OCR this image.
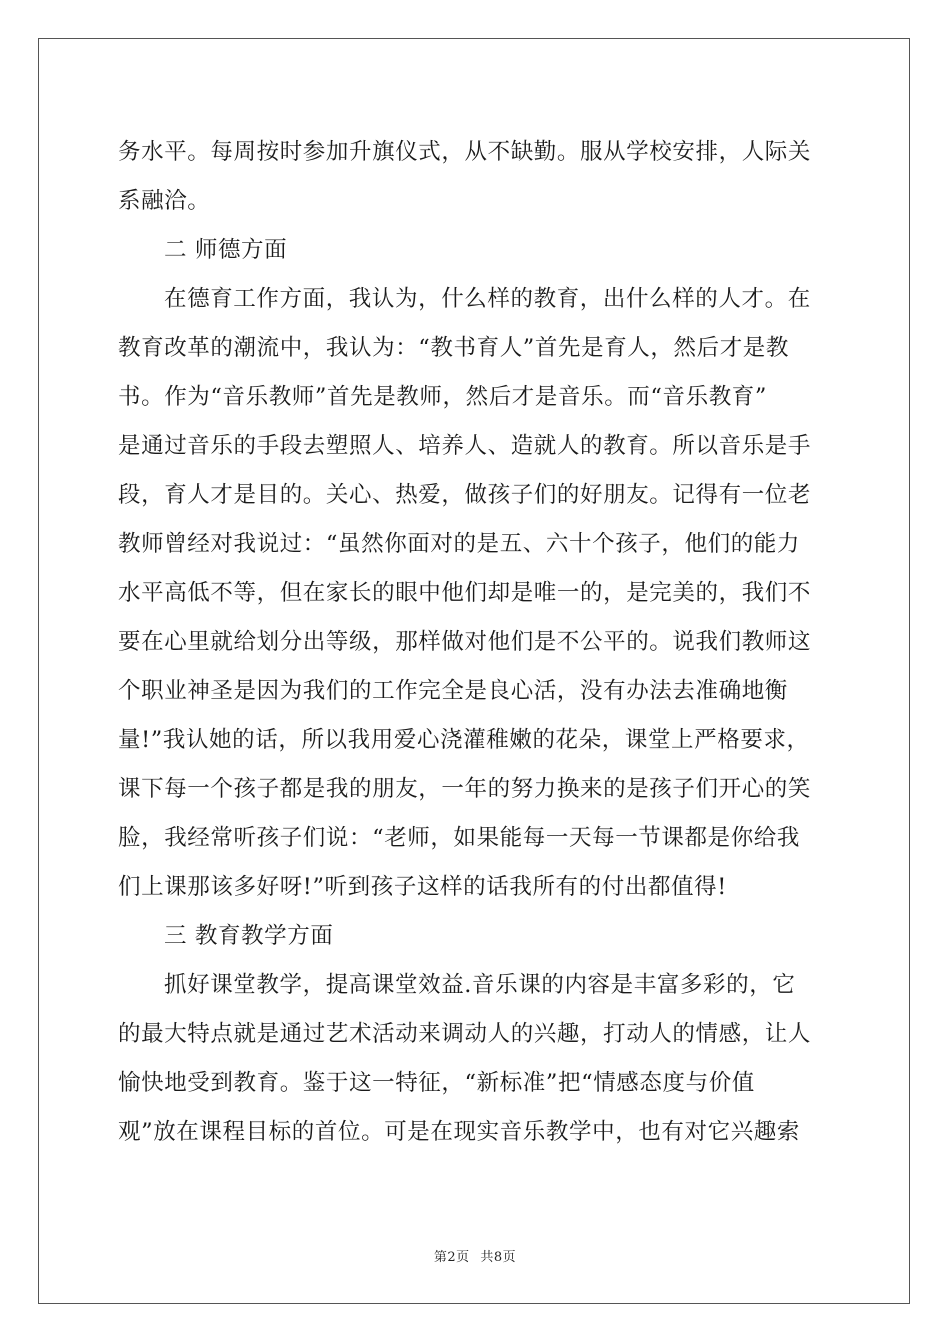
务水平。每周按时参加升旗仪式，从不缺勤。服从学校安排，人际关
系融洽。
二 师德方面
在德育工作方面，我认为，什么样的教育，出什么样的人才。在
教育改革的潮流中，我认为：“教书育人”首先是育人，然后才是教
书。作为“音乐教师”首先是教师，然后才是音乐。而“音乐教育”
是通过音乐的手段去塑照人、培养人、造就人的教育。所以音乐是手
段，育人才是目的。关心、热爱，做孩子们的好朋友。记得有一位老
教师曾经对我说过：“虽然你面对的是五、六十个孩子，他们的能力
水平高低不等，但在家长的眼中他们却是唯一的，是完美的，我们不
要在心里就给划分出等级，那样做对他们是不公平的。说我们教师这
个职业神圣是因为我们的工作完全是良心活，没有办法去准确地衡
量!”我认她的话，所以我用爱心浇灌稚嫩的花朵，课堂上严格要求，
课下每一个孩子都是我的朋友，一年的努力换来的是孩子们开心的笑
脸，我经常听孩子们说：“老师，如果能每一天每一节课都是你给我
们上课那该多好呀!”听到孩子这样的话我所有的付出都值得!
三 教育教学方面
抓好课堂教学，提高课堂效益.音乐课的内容是丰富多彩的，它
的最大特点就是通过艺术活动来调动人的兴趣，打动人的情感，让人
愉快地受到教育。鉴于这一特征，“新标准”把“情感态度与价值
观”放在课程目标的首位。可是在现实音乐教学中，也有对它兴趣索
第2页 共8页
